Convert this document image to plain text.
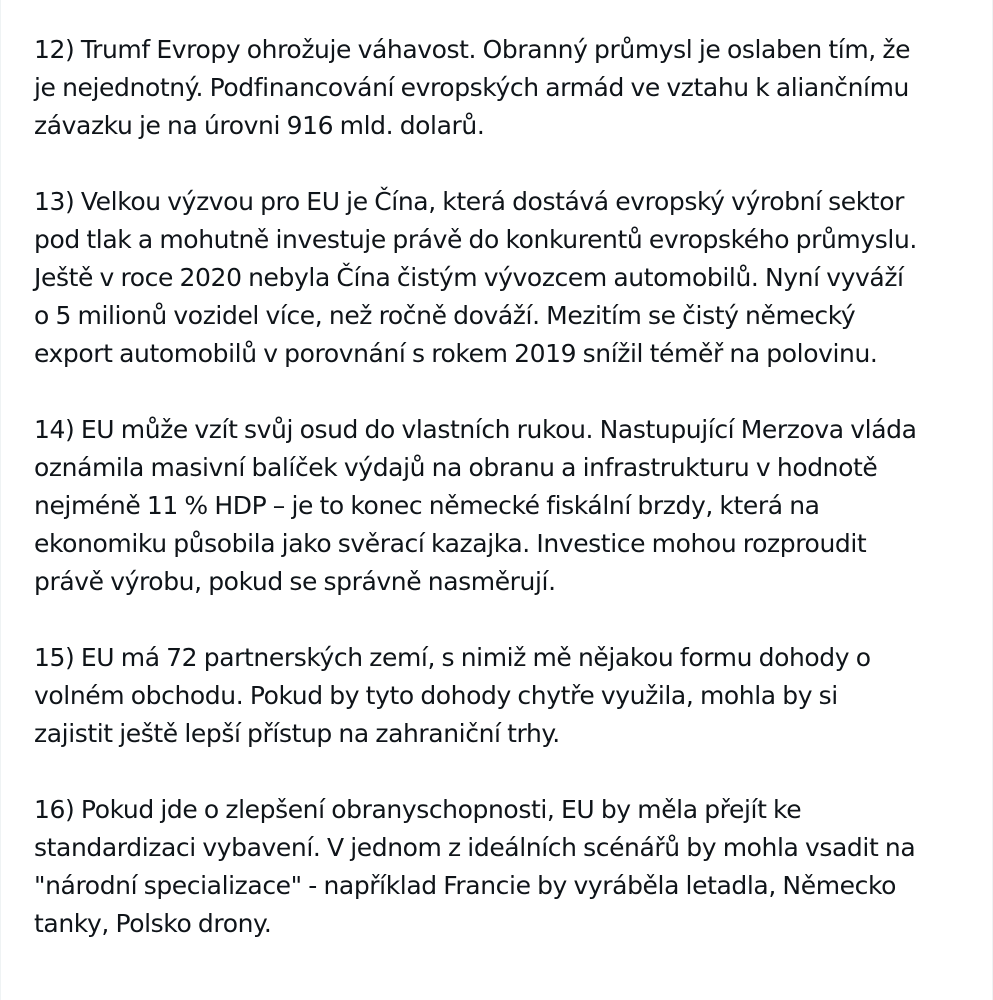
12) Trumf Evropy ohrožuje váhavost. Obranný průmysl je oslaben tím, že
je nejednotný. Podfinancování evropských armád ve vztahu k aliančnímu
závazku je na úrovni 916 mld. dolarů.

13) Velkou výzvou pro EU je Čína, která dostává evropský výrobní sektor
pod tlak a mohutně investuje právě do konkurentů evropského průmyslu.
Ještě v roce 2020 nebyla Čína čistým vývozcem automobilů. Nyní vyváží
o 5 milionů vozidel více, než ročně dováží. Mezitím se čistý německý
export automobilů v porovnání s rokem 2019 snížil téměř na polovinu.

14) EU může vzít svůj osud do vlastních rukou. Nastupující Merzova vláda
oznámila masivní balíček výdajů na obranu a infrastrukturu v hodnotě
nejméně 11 % HDP – je to konec německé fiskální brzdy, která na
ekonomiku působila jako svěrací kazajka. Investice mohou rozproudit
právě výrobu, pokud se správně nasměrují.

15) EU má 72 partnerských zemí, s nimiž mě nějakou formu dohody o
volném obchodu. Pokud by tyto dohody chytře využila, mohla by si
zajistit ještě lepší přístup na zahraniční trhy.

16) Pokud jde o zlepšení obranyschopnosti, EU by měla přejít ke
standardizaci vybavení. V jednom z ideálních scénářů by mohla vsadit na
"národní specializace" - například Francie by vyráběla letadla, Německo
tanky, Polsko drony.
